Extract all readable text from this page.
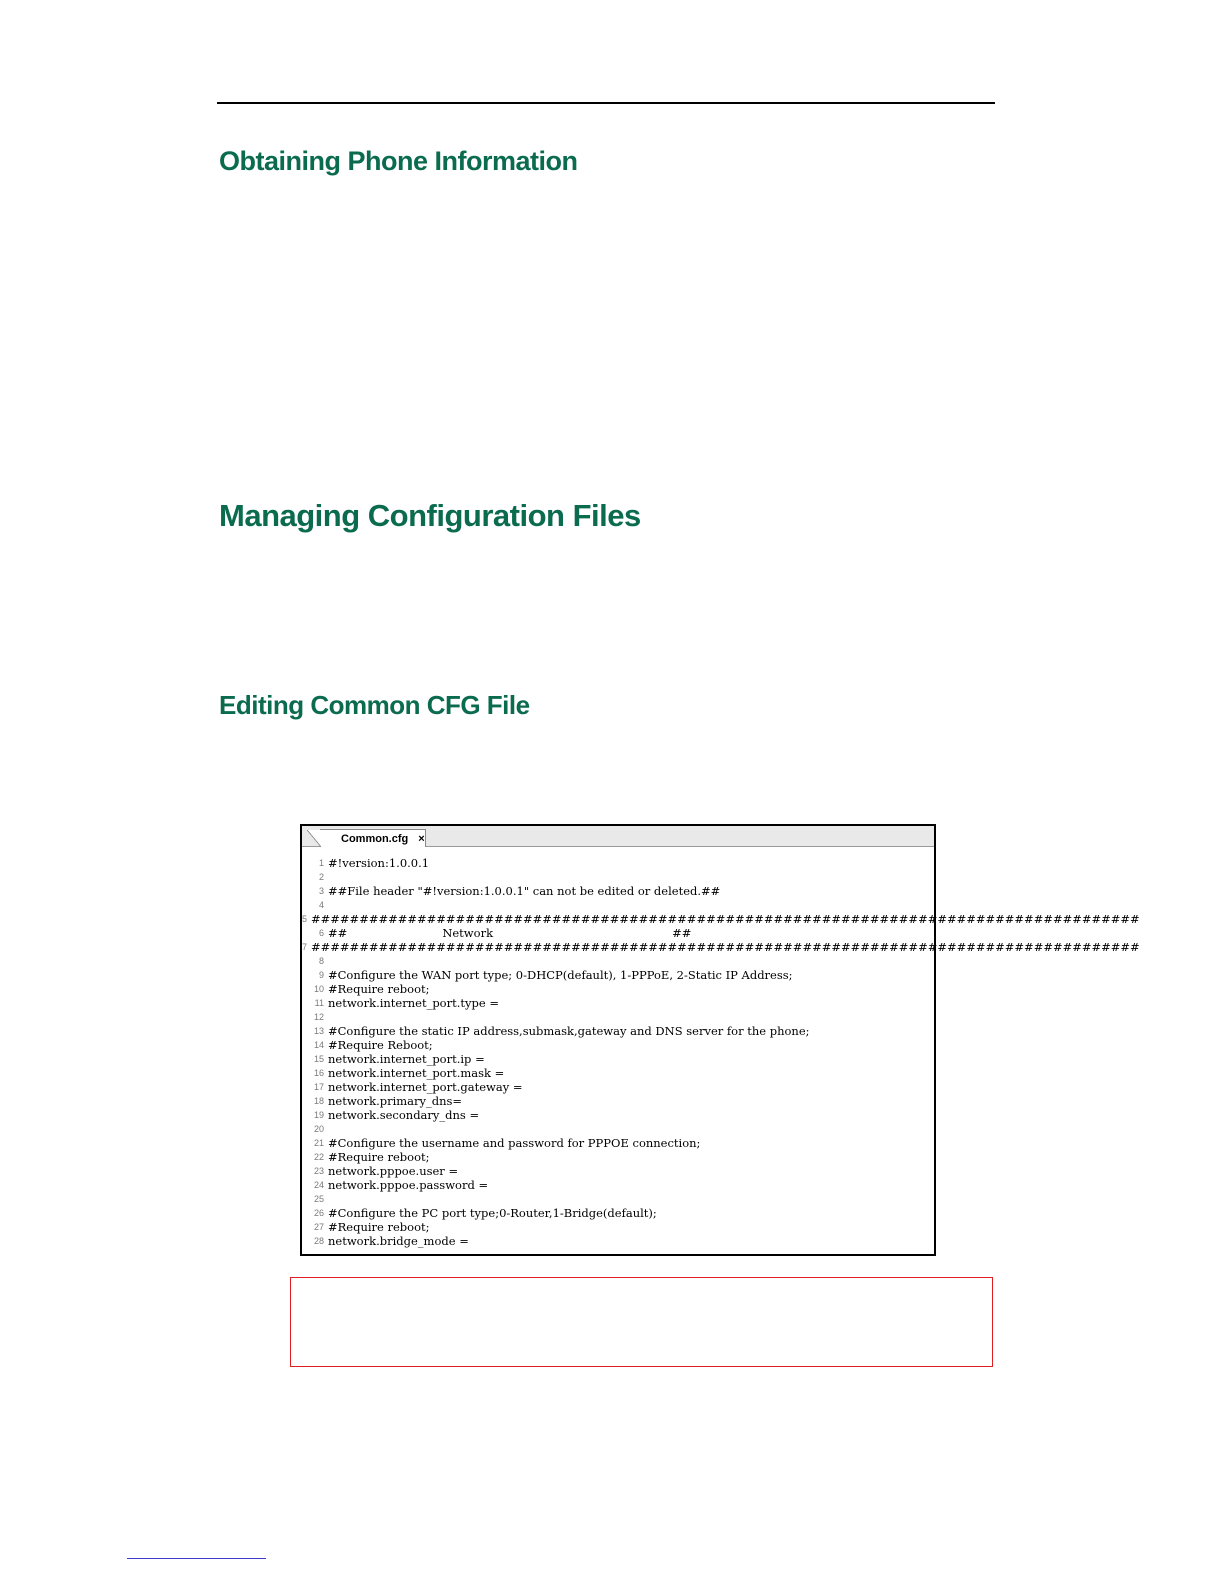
Obtaining Phone Information
Managing Configuration Files
Editing Common CFG File
Common.cfg ×
1 #!version:1.0.0.1
2
3 ##File header "#!version:1.0.0.1" can not be edited or deleted.##
4
5 ######################################################################################
6 ##                          Network                                                 ##
7 ######################################################################################
8
9 #Configure the WAN port type; 0-DHCP(default), 1-PPPoE, 2-Static IP Address;
10 #Require reboot;
11 network.internet_port.type =
12
13 #Configure the static IP address,submask,gateway and DNS server for the phone;
14 #Require Reboot;
15 network.internet_port.ip =
16 network.internet_port.mask =
17 network.internet_port.gateway =
18 network.primary_dns=
19 network.secondary_dns =
20
21 #Configure the username and password for PPPOE connection;
22 #Require reboot;
23 network.pppoe.user =
24 network.pppoe.password =
25
26 #Configure the PC port type;0-Router,1-Bridge(default);
27 #Require reboot;
28 network.bridge_mode =
